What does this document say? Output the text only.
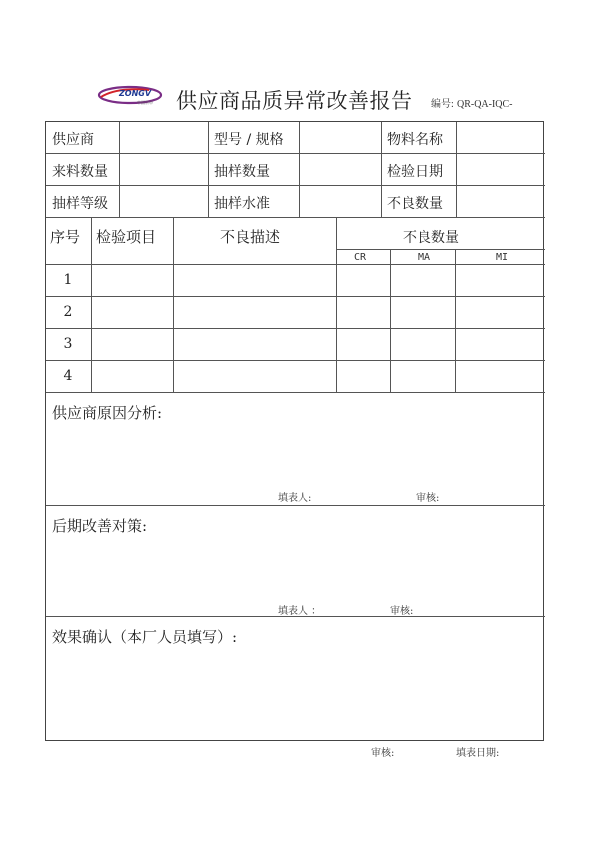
ZONGV
中国宗申 供应商品质异常改善报告 编号: QR-QA-IQC-
供应商	型号 / 规格	物料名称
来料数量	抽样数量	检验日期
抽样等级	抽样水准	不良数量
序号 检验项目	不良描述	不良数量
CR	MA	MI
1
2
3
4
供应商原因分析:
填表人:	审核:
后期改善对策:
填表人 ：	审核:
效果确认（本厂人员填写）:
审核:	填表日期:
